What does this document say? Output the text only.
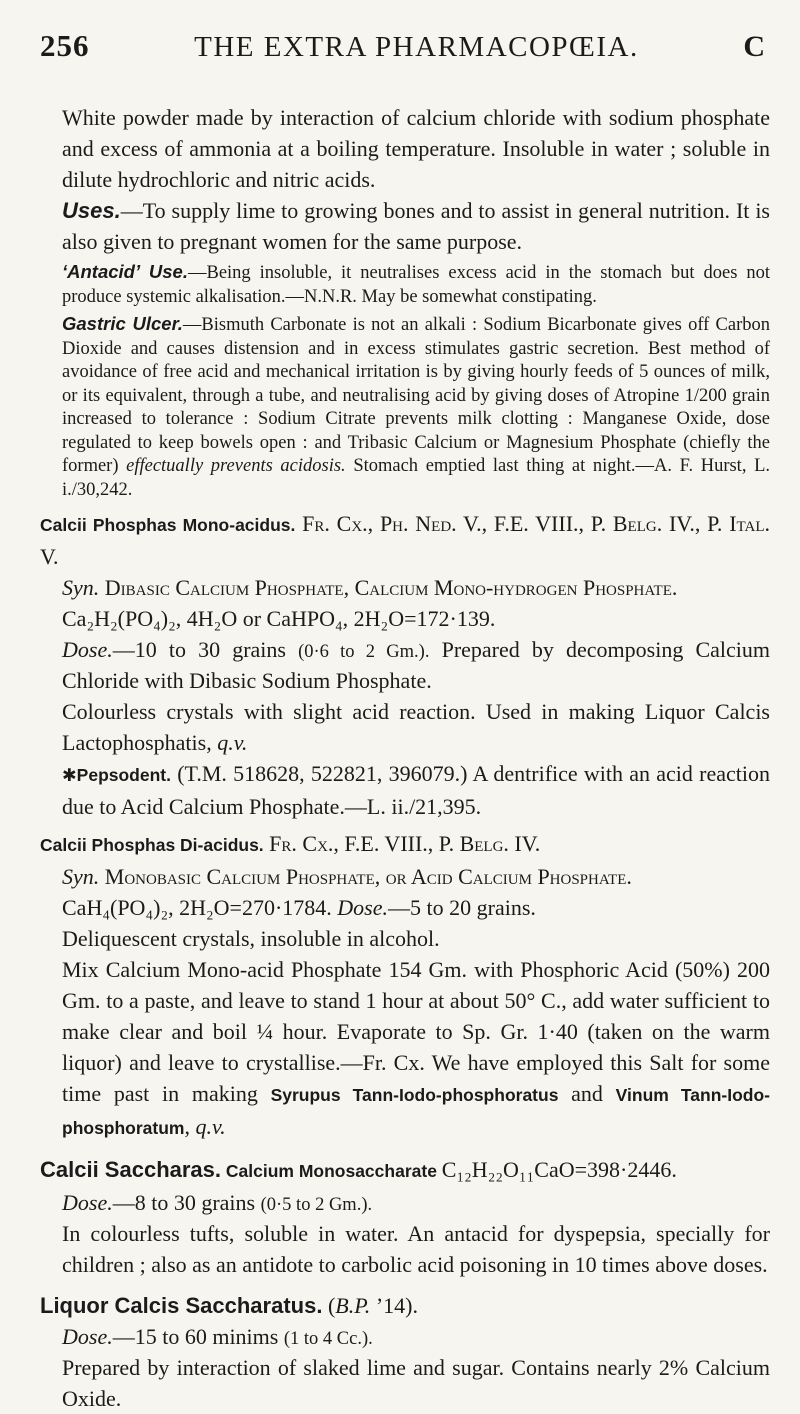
256	THE EXTRA PHARMACOPŒIA.	C

White powder made by interaction of calcium chloride with sodium phosphate and excess of ammonia at a boiling temperature. Insoluble in water ; soluble in dilute hydrochloric and nitric acids.

Uses.—To supply lime to growing bones and to assist in general nutrition. It is also given to pregnant women for the same purpose.

‘Antacid’ Use.—Being insoluble, it neutralises excess acid in the stomach but does not produce systemic alkalisation.—N.N.R. May be somewhat constipating.

Gastric Ulcer.—Bismuth Carbonate is not an alkali : Sodium Bicarbonate gives off Carbon Dioxide and causes distension and in excess stimulates gastric secretion. Best method of avoidance of free acid and mechanical irritation is by giving hourly feeds of 5 ounces of milk, or its equivalent, through a tube, and neutralising acid by giving doses of Atropine 1/200 grain increased to tolerance : Sodium Citrate prevents milk clotting : Manganese Oxide, dose regulated to keep bowels open : and Tribasic Calcium or Magnesium Phosphate (chiefly the former) effectually prevents acidosis. Stomach emptied last thing at night.—A. F. Hurst, L. i./30,242.

Calcii Phosphas Mono-acidus. Fr. Cx., Ph. Ned. V., F.E. VIII., P. Belg. IV., P. Ital. V.

Syn. Dibasic Calcium Phosphate, Calcium Mono-hydrogen Phosphate.

Ca₂H₂(PO₄)₂, 4H₂O or CaHPO₄, 2H₂O=172·139.

Dose.—10 to 30 grains (0·6 to 2 Gm.). Prepared by decomposing Calcium Chloride with Dibasic Sodium Phosphate.

Colourless crystals with slight acid reaction. Used in making Liquor Calcis Lactophosphatis, q.v.

✱Pepsodent. (T.M. 518628, 522821, 396079.) A dentrifice with an acid reaction due to Acid Calcium Phosphate.—L. ii./21,395.

Calcii Phosphas Di-acidus. Fr. Cx., F.E. VIII., P. Belg. IV.

Syn. Monobasic Calcium Phosphate, or Acid Calcium Phosphate.

CaH₄(PO₄)₂, 2H₂O=270·1784. Dose.—5 to 20 grains.

Deliquescent crystals, insoluble in alcohol.

Mix Calcium Mono-acid Phosphate 154 Gm. with Phosphoric Acid (50%) 200 Gm. to a paste, and leave to stand 1 hour at about 50° C., add water sufficient to make clear and boil ¼ hour. Evaporate to Sp. Gr. 1·40 (taken on the warm liquor) and leave to crystallise.—Fr. Cx. We have employed this Salt for some time past in making Syrupus Tann-Iodo-phosphoratus and Vinum Tann-Iodo-phosphoratum, q.v.

Calcii Saccharas. Calcium Monosaccharate C₁₂H₂₂O₁₁CaO=398·2446.

Dose.—8 to 30 grains (0·5 to 2 Gm.).

In colourless tufts, soluble in water. An antacid for dyspepsia, specially for children ; also as an antidote to carbolic acid poisoning in 10 times above doses.

Liquor Calcis Saccharatus. (B.P. ’14).

Dose.—15 to 60 minims (1 to 4 Cc.).

Prepared by interaction of slaked lime and sugar. Contains nearly 2% Calcium Oxide.
